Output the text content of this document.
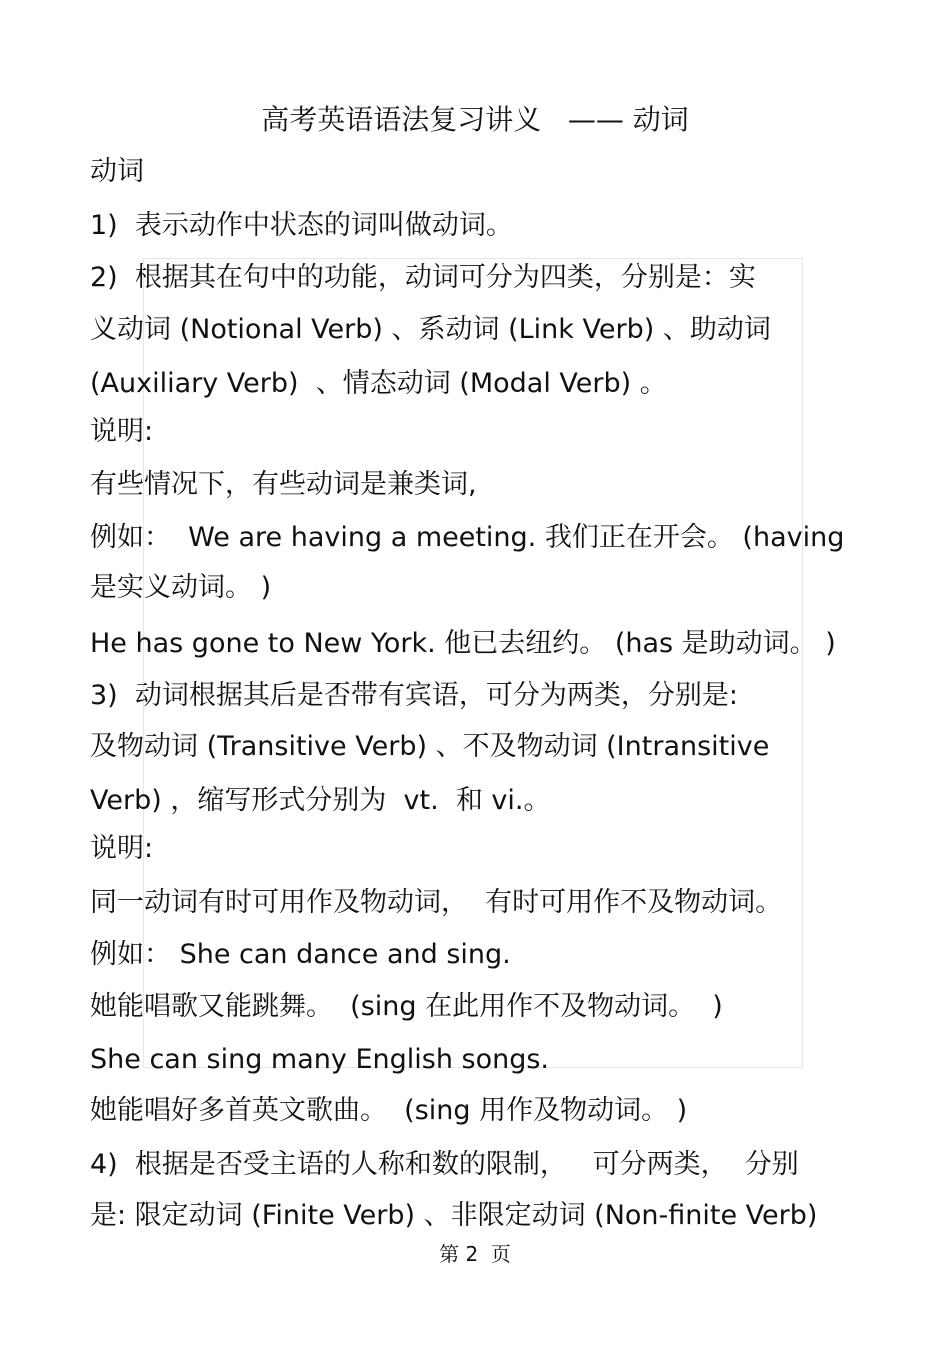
高考英语语法复习讲义   —— 动词
动词
1)  表示动作中状态的词叫做动词。
2)  根据其在句中的功能，动词可分为四类，分别是：实
义动词 (Notional Verb) 、系动词 (Link Verb) 、助动词
(Auxiliary Verb)  、情态动词 (Modal Verb) 。
说明:
有些情况下，有些动词是兼类词,
例如：  We are having a meeting. 我们正在开会。 (having
是实义动词。 )
He has gone to New York. 他已去纽约。 (has 是助动词。 )
3)  动词根据其后是否带有宾语，可分为两类，分别是:
及物动词 (Transitive Verb) 、不及物动词 (Intransitive
Verb) ，缩写形式分别为  vt.  和 vi.。
说明:
同一动词有时可用作及物动词，  有时可用作不及物动词。
例如： She can dance and sing.
她能唱歌又能跳舞。  (sing 在此用作不及物动词。  )
She can sing many English songs.
她能唱好多首英文歌曲。  (sing 用作及物动词。 )
4)  根据是否受主语的人称和数的限制，   可分两类，  分别
是: 限定动词 (Finite Verb) 、非限定动词 (Non-finite Verb)
第 2  页
